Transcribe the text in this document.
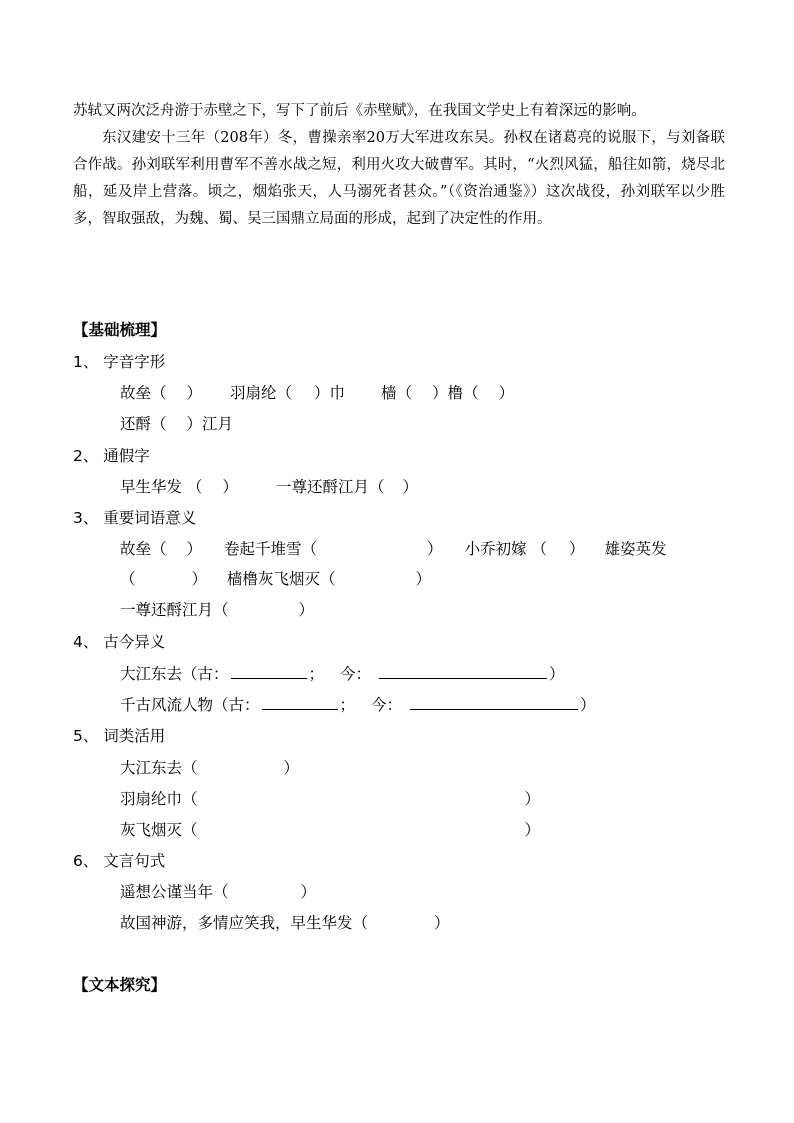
苏轼又两次泛舟游于赤壁之下，写下了前后《赤壁赋》，在我国文学史上有着深远的影响。

东汉建安十三年（208年）冬，曹操亲率20万大军进攻东吴。孙权在诸葛亮的说服下，与刘备联合作战。孙刘联军利用曹军不善水战之短，利用火攻大破曹军。其时，“火烈风猛，船往如箭，烧尽北船，延及岸上营落。顷之，烟焰张天，人马溺死者甚众。”（《资治通鉴》）这次战役，孙刘联军以少胜多，智取强敌，为魏、蜀、吴三国鼎立局面的形成，起到了决定性的作用。

【基础梳理】
1、 字音字形
故垒（ ） 羽扇纶（ ）巾 樯（ ）橹（ ）
还酹（ ）江月
2、 通假字
早生华发 （ ） 一尊还酹江月（ ）
3、 重要词语意义
故垒（ ） 卷起千堆雪（	） 小乔初嫁 （ ） 雄姿英发
（	） 樯橹灰飞烟灭（	）
一尊还酹江月（	）
4、 古今异义
大江东去（古：	； 今：	）
千古风流人物（古：	； 今：	）
5、 词类活用
大江东去（	）
羽扇纶巾（	）
灰飞烟灭（	）
6、 文言句式
遥想公谨当年（	）
故国神游，多情应笑我，早生华发（	）
【文本探究】
